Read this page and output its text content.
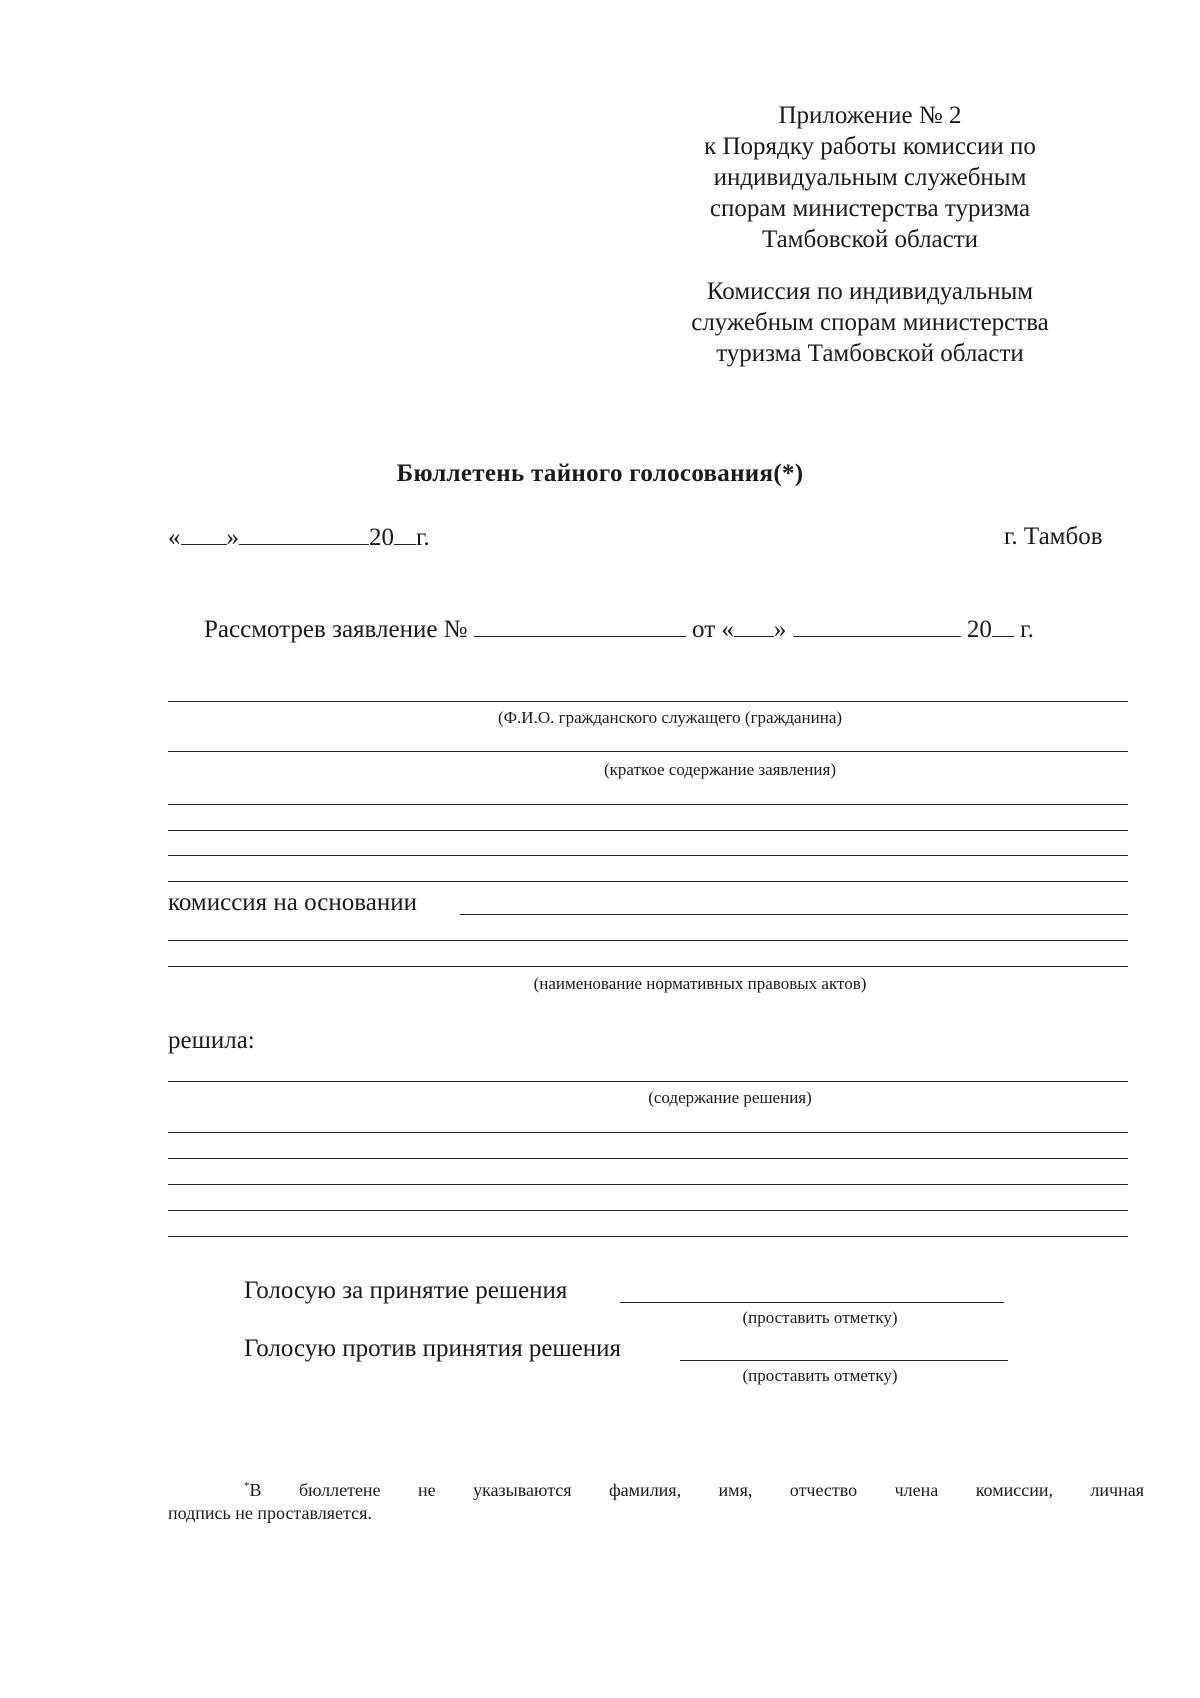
Приложение № 2
к Порядку работы комиссии по
индивидуальным служебным
спорам министерства туризма
Тамбовской области
Комиссия по индивидуальным
служебным спорам министерства
туризма Тамбовской области
Бюллетень тайного голосования(*)
« »	20 г.	г. Тамбов
Рассмотрев заявление №	от « »	20 г.
(Ф.И.О. гражданского служащего (гражданина)
(краткое содержание заявления)
комиссия на основании
(наименование нормативных правовых актов)
решила:
(содержание решения)
Голосую за принятие решения
(проставить отметку)
Голосую против принятия решения
(проставить отметку)
*В бюллетене не указываются фамилия, имя, отчество члена комиссии, личная
подпись не проставляется.
